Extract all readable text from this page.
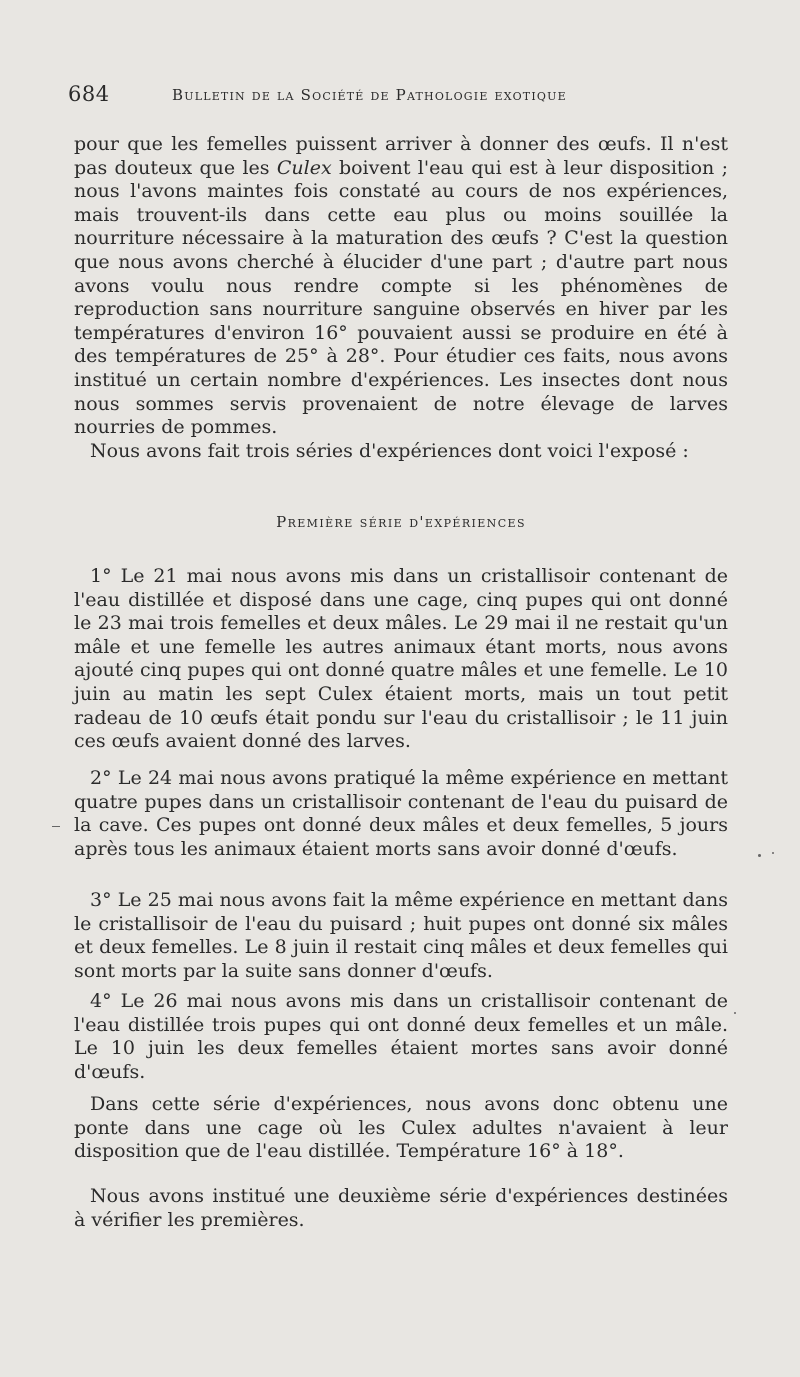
684	Bulletin de la Société de Pathologie exotique

pour que les femelles puissent arriver à donner des œufs. Il n'est pas douteux que les Culex boivent l'eau qui est à leur disposition ; nous l'avons maintes fois constaté au cours de nos expériences, mais trouvent-ils dans cette eau plus ou moins souillée la nourriture nécessaire à la maturation des œufs ? C'est la question que nous avons cherché à élucider d'une part ; d'autre part nous avons voulu nous rendre compte si les phénomènes de reproduction sans nourriture sanguine observés en hiver par les températures d'environ 16° pouvaient aussi se produire en été à des températures de 25° à 28°. Pour étudier ces faits, nous avons institué un certain nombre d'expériences. Les insectes dont nous nous sommes servis provenaient de notre élevage de larves nourries de pommes.

Nous avons fait trois séries d'expériences dont voici l'exposé :

Première série d'expériences

1° Le 21 mai nous avons mis dans un cristallisoir contenant de l'eau distillée et disposé dans une cage, cinq pupes qui ont donné le 23 mai trois femelles et deux mâles. Le 29 mai il ne restait qu'un mâle et une femelle les autres animaux étant morts, nous avons ajouté cinq pupes qui ont donné quatre mâles et une femelle. Le 10 juin au matin les sept Culex étaient morts, mais un tout petit radeau de 10 œufs était pondu sur l'eau du cristallisoir ; le 11 juin ces œufs avaient donné des larves.

2° Le 24 mai nous avons pratiqué la même expérience en mettant quatre pupes dans un cristallisoir contenant de l'eau du puisard de la cave. Ces pupes ont donné deux mâles et deux femelles, 5 jours après tous les animaux étaient morts sans avoir donné d'œufs.

3° Le 25 mai nous avons fait la même expérience en mettant dans le cristallisoir de l'eau du puisard ; huit pupes ont donné six mâles et deux femelles. Le 8 juin il restait cinq mâles et deux femelles qui sont morts par la suite sans donner d'œufs.

4° Le 26 mai nous avons mis dans un cristallisoir contenant de l'eau distillée trois pupes qui ont donné deux femelles et un mâle. Le 10 juin les deux femelles étaient mortes sans avoir donné d'œufs.

Dans cette série d'expériences, nous avons donc obtenu une ponte dans une cage où les Culex adultes n'avaient à leur disposition que de l'eau distillée. Température 16° à 18°.

Nous avons institué une deuxième série d'expériences destinées à vérifier les premières.
